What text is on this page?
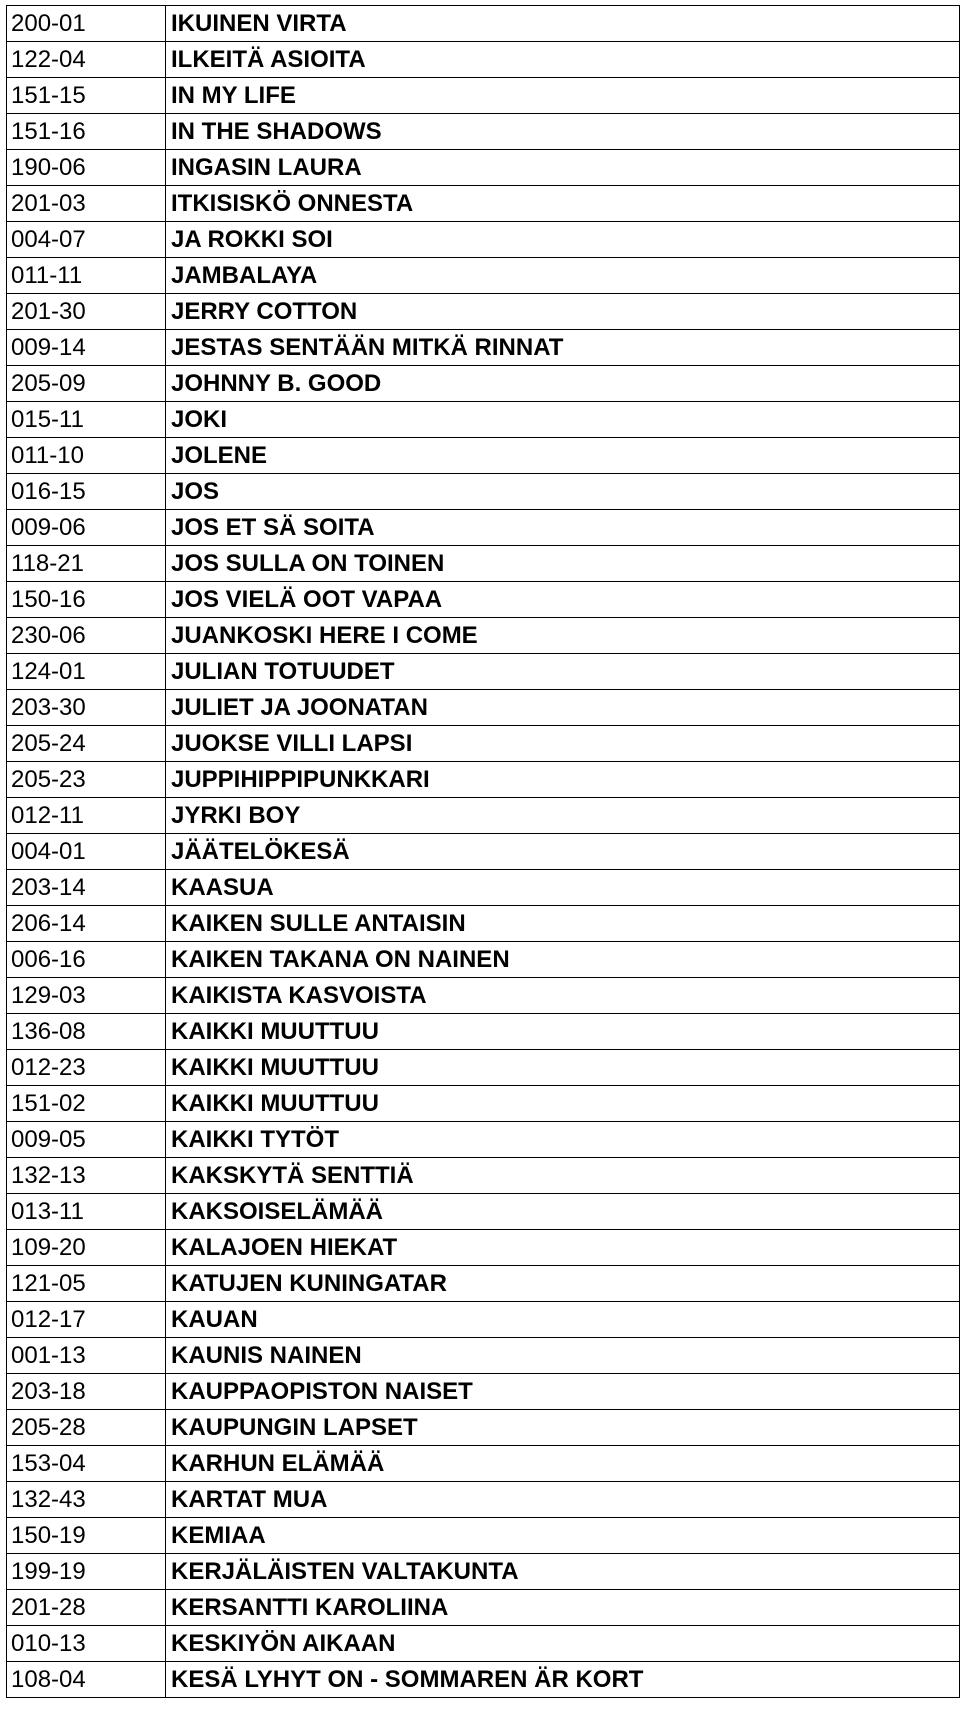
200-01	IKUINEN VIRTA
122-04	ILKEITÄ ASIOITA
151-15	IN MY LIFE
151-16	IN THE SHADOWS
190-06	INGASIN LAURA
201-03	ITKISISKÖ ONNESTA
004-07	JA ROKKI SOI
011-11	JAMBALAYA
201-30	JERRY COTTON
009-14	JESTAS SENTÄÄN MITKÄ RINNAT
205-09	JOHNNY B. GOOD
015-11	JOKI
011-10	JOLENE
016-15	JOS
009-06	JOS ET SÄ SOITA
118-21	JOS SULLA ON TOINEN
150-16	JOS VIELÄ OOT VAPAA
230-06	JUANKOSKI HERE I COME
124-01	JULIAN TOTUUDET
203-30	JULIET JA JOONATAN
205-24	JUOKSE VILLI LAPSI
205-23	JUPPIHIPPIPUNKKARI
012-11	JYRKI BOY
004-01	JÄÄTELÖKESÄ
203-14	KAASUA
206-14	KAIKEN SULLE ANTAISIN
006-16	KAIKEN TAKANA ON NAINEN
129-03	KAIKISTA KASVOISTA
136-08	KAIKKI MUUTTUU
012-23	KAIKKI MUUTTUU
151-02	KAIKKI MUUTTUU
009-05	KAIKKI TYTÖT
132-13	KAKSKYTÄ SENTTIÄ
013-11	KAKSOISELÄMÄÄ
109-20	KALAJOEN HIEKAT
121-05	KATUJEN KUNINGATAR
012-17	KAUAN
001-13	KAUNIS NAINEN
203-18	KAUPPAOPISTON NAISET
205-28	KAUPUNGIN LAPSET
153-04	KARHUN ELÄMÄÄ
132-43	KARTAT MUA
150-19	KEMIAA
199-19	KERJÄLÄISTEN VALTAKUNTA
201-28	KERSANTTI KAROLIINA
010-13	KESKIYÖN AIKAAN
108-04	KESÄ LYHYT ON - SOMMAREN ÄR KORT
